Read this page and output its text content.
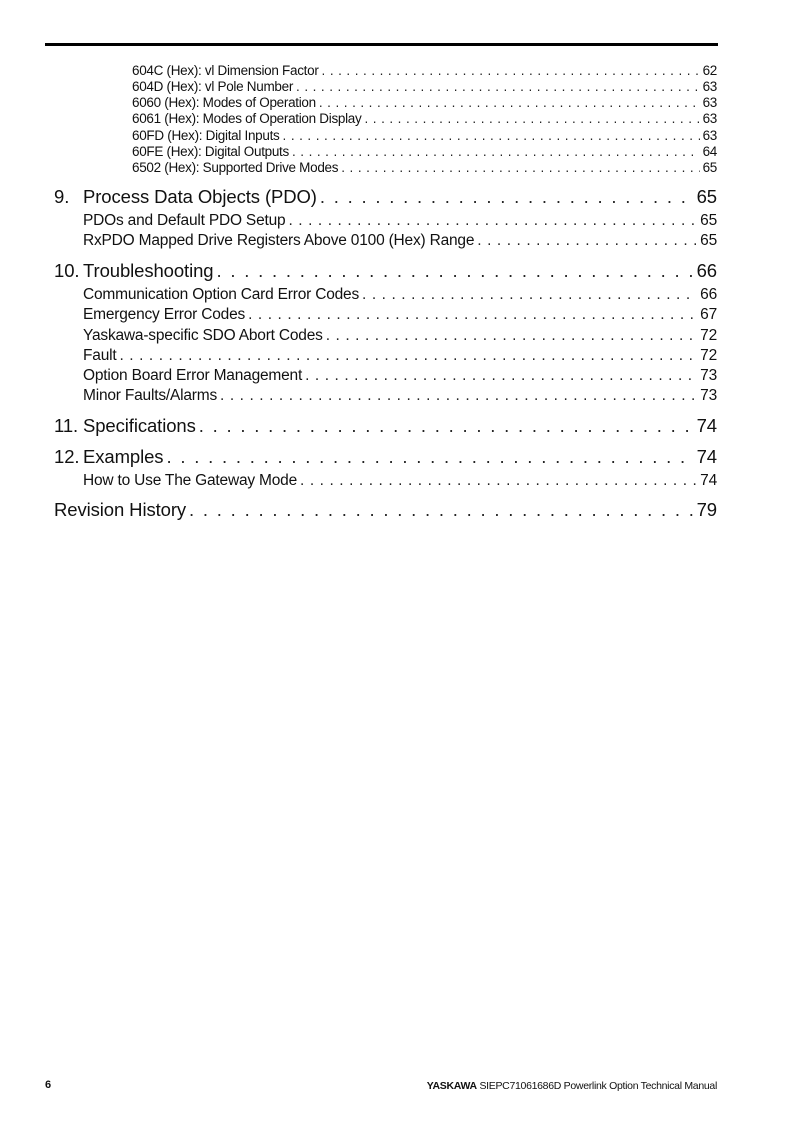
604C (Hex): vl Dimension Factor . . .	62
604D (Hex): vl Pole Number . . .	63
6060 (Hex): Modes of Operation . . .	63
6061 (Hex): Modes of Operation Display . . .	63
60FD (Hex): Digital Inputs . . .	63
60FE (Hex): Digital Outputs . . .	64
6502 (Hex): Supported Drive Modes . . .	65
9. Process Data Objects (PDO) . . .	65
PDOs and Default PDO Setup . . .	65
RxPDO Mapped Drive Registers Above 0100 (Hex) Range . . .	65
10. Troubleshooting . . .	66
Communication Option Card Error Codes . . .	66
Emergency Error Codes . . .	67
Yaskawa-specific SDO Abort Codes . . .	72
Fault . . .	72
Option Board Error Management . . .	73
Minor Faults/Alarms . . .	73
11. Specifications . . .	74
12. Examples . . .	74
How to Use The Gateway Mode . . .	74
Revision History . . .	79
6	YASKAWA SIEPC71061686D Powerlink Option Technical Manual
